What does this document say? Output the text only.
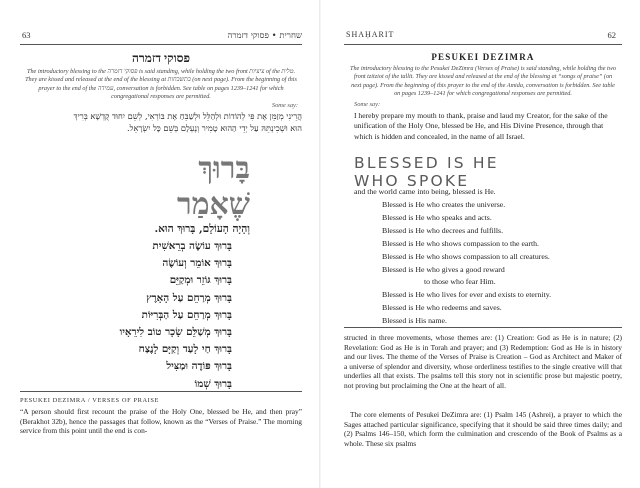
63	שחרית • פסוקי דזמרה
פסוקי דזמרה
The introductory blessing to the פסוקי דזמרה is said standing, while holding the two front ציציות of the טלית. They are kissed and released at the end of the blessing at בתשבחות (on next page). From the beginning of this prayer to the end of the עמידה, conversation is forbidden. See table on pages 1239–1241 for which congregational responses are permitted.
Some say:
הֲרֵינִי מְזַמֵּן אֶת פִּי לְהוֹדוֹת וּלְהַלֵּל וּלְשַׁבֵּחַ אֶת בּוֹרְאִי, לְשֵׁם יִחוּד קֻדְשָׁא בְּרִיךְ
הוּא וּשְׁכִינְתֵּהּ עַל יְדֵי הַהוּא טָמִיר וְנֶעְלָם בְּשֵׁם כָּל יִשְׂרָאֵל.
בָּרוּךְ
שֶׁאָמַר
וְהָיָה הָעוֹלָם, בָּרוּךְ הוּא.
בָּרוּךְ עוֹשֶׂה בְרֵאשִׁית
בָּרוּךְ אוֹמֵר וְעוֹשֶׂה
בָּרוּךְ גּוֹזֵר וּמְקַיֵּם
בָּרוּךְ מְרַחֵם עַל הָאָרֶץ
בָּרוּךְ מְרַחֵם עַל הַבְּרִיּוֹת
בָּרוּךְ מְשַׁלֵּם שָׂכָר טוֹב לִירֵאָיו
בָּרוּךְ חַי לָעַד וְקַיָּם לָנֶצַח
בָּרוּךְ פּוֹדֶה וּמַצִּיל
בָּרוּךְ שְׁמוֹ
PESUKEI DEZIMRA / VERSES OF PRAISE
“A person should first recount the praise of the Holy One, blessed be He, and then pray” (Berakhot 32b), hence the passages that follow, known as the “Verses of Praise.” The morning service from this point until the end is con-
SHAḤARIT	62
PESUKEI DEZIMRA
The introductory blessing to the Pesukei DeZimra (Verses of Praise) is said standing, while holding the two front tzitziot of the tallit. They are kissed and released at the end of the blessing at “songs of praise” (on next page). From the beginning of this prayer to the end of the Amida, conversation is forbidden. See table on pages 1239–1241 for which congregational responses are permitted.
Some say:
I hereby prepare my mouth to thank, praise and laud my Creator, for the sake of the unification of the Holy One, blessed be He, and His Divine Presence, through that which is hidden and concealed, in the name of all Israel.
BLESSED IS HE
WHO SPOKE
and the world came into being, blessed is He.
Blessed is He who creates the universe.
Blessed is He who speaks and acts.
Blessed is He who decrees and fulfills.
Blessed is He who shows compassion to the earth.
Blessed is He who shows compassion to all creatures.
Blessed is He who gives a good reward
to those who fear Him.
Blessed is He who lives for ever and exists to eternity.
Blessed is He who redeems and saves.
Blessed is His name.
structed in three movements, whose themes are: (1) Creation: God as He is in nature; (2) Revelation: God as He is in Torah and prayer; and (3) Redemption: God as He is in history and our lives. The theme of the Verses of Praise is Creation – God as Architect and Maker of a universe of splendor and diversity, whose orderliness testifies to the single creative will that underlies all that exists. The psalms tell this story not in scientific prose but majestic poetry, not proving but proclaiming the One at the heart of all.
The core elements of Pesukei DeZimra are: (1) Psalm 145 (Ashrei), a prayer to which the Sages attached particular significance, specifying that it should be said three times daily; and (2) Psalms 146–150, which form the culmination and crescendo of the Book of Psalms as a whole. These six psalms
